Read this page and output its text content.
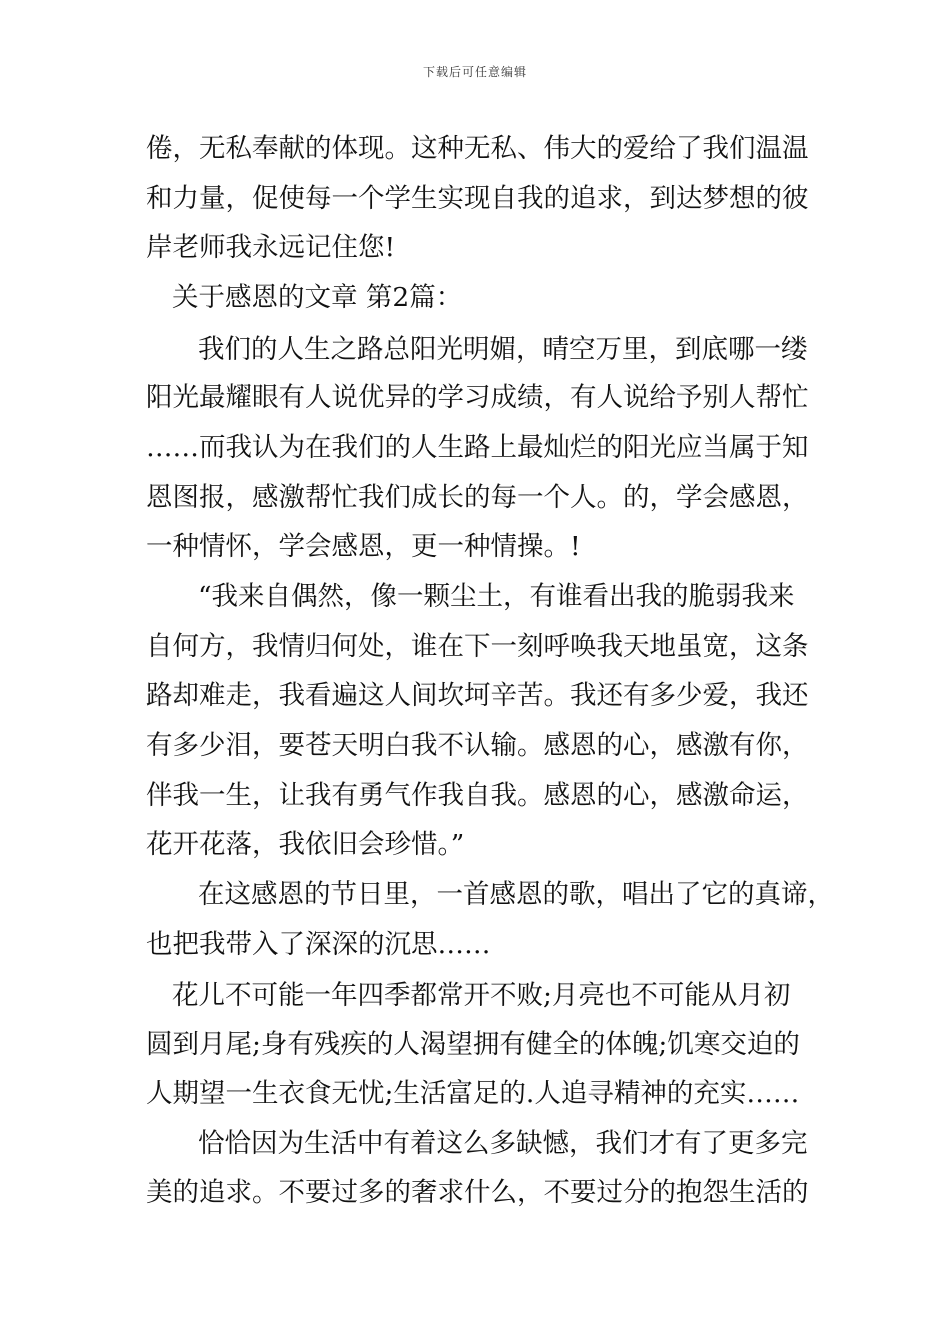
下载后可任意编辑
倦，无私奉献的体现。这种无私、伟大的爱给了我们温温
和力量，促使每一个学生实现自我的追求，到达梦想的彼
岸老师我永远记住您!
关于感恩的文章 第2篇：
我们的人生之路总阳光明媚，晴空万里，到底哪一缕
阳光最耀眼有人说优异的学习成绩，有人说给予别人帮忙
……而我认为在我们的人生路上最灿烂的阳光应当属于知
恩图报，感激帮忙我们成长的每一个人。的，学会感恩，
一种情怀，学会感恩，更一种情操。!
“我来自偶然，像一颗尘土，有谁看出我的脆弱我来
自何方，我情归何处，谁在下一刻呼唤我天地虽宽，这条
路却难走，我看遍这人间坎坷辛苦。我还有多少爱，我还
有多少泪，要苍天明白我不认输。感恩的心，感激有你，
伴我一生，让我有勇气作我自我。感恩的心，感激命运，
花开花落，我依旧会珍惜。”
在这感恩的节日里，一首感恩的歌，唱出了它的真谛，
也把我带入了深深的沉思……
花儿不可能一年四季都常开不败;月亮也不可能从月初
圆到月尾;身有残疾的人渴望拥有健全的体魄;饥寒交迫的
人期望一生衣食无忧;生活富足的.人追寻精神的充实……
恰恰因为生活中有着这么多缺憾，我们才有了更多完
美的追求。不要过多的奢求什么，不要过分的抱怨生活的
